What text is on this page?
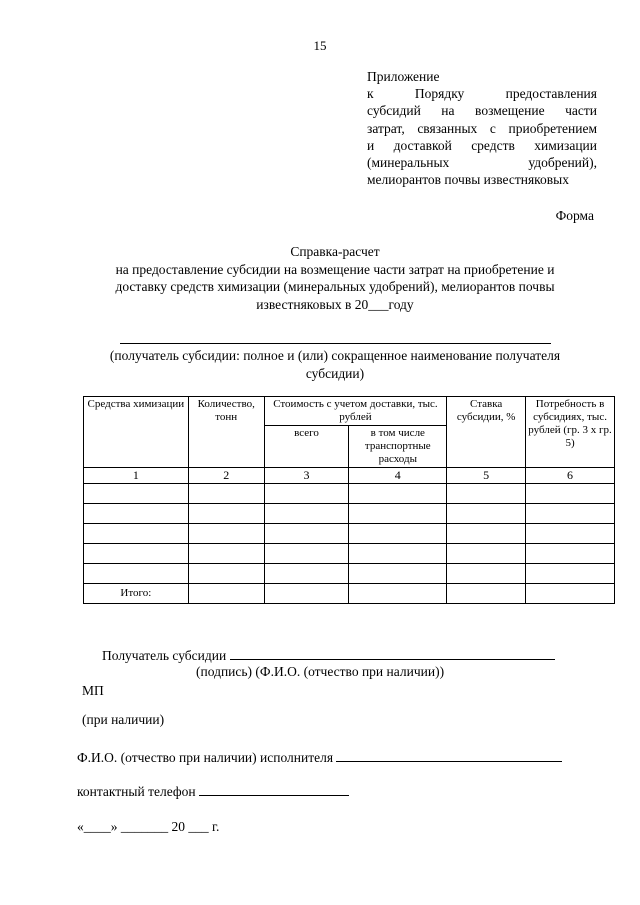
15
Приложение
к Порядку предоставления
субсидий на возмещение части
затрат, связанных с приобретением
и доставкой средств химизации
(минеральных удобрений),
мелиорантов почвы известняковых
Форма
Справка-расчет
на предоставление субсидии на возмещение части затрат на приобретение и
доставку средств химизации (минеральных удобрений), мелиорантов почвы
известняковых в 20___году
(получатель субсидии: полное и (или) сокращенное наименование получателя
субсидии)
Средства химизации	Количество, тонн	Стоимость с учетом доставки, тыс. рублей		Ставка субсидии, %	Потребность в субсидиях, тыс. рублей (гр. 3 х гр. 5)
		всего	в том числе транспортные расходы		
1	2	3	4	5	6

Итого:					
Получатель субсидии
(подпись) (Ф.И.О. (отчество при наличии))
МП
(при наличии)
Ф.И.О. (отчество при наличии) исполнителя
контактный телефон
«____» _______ 20 ___ г.
